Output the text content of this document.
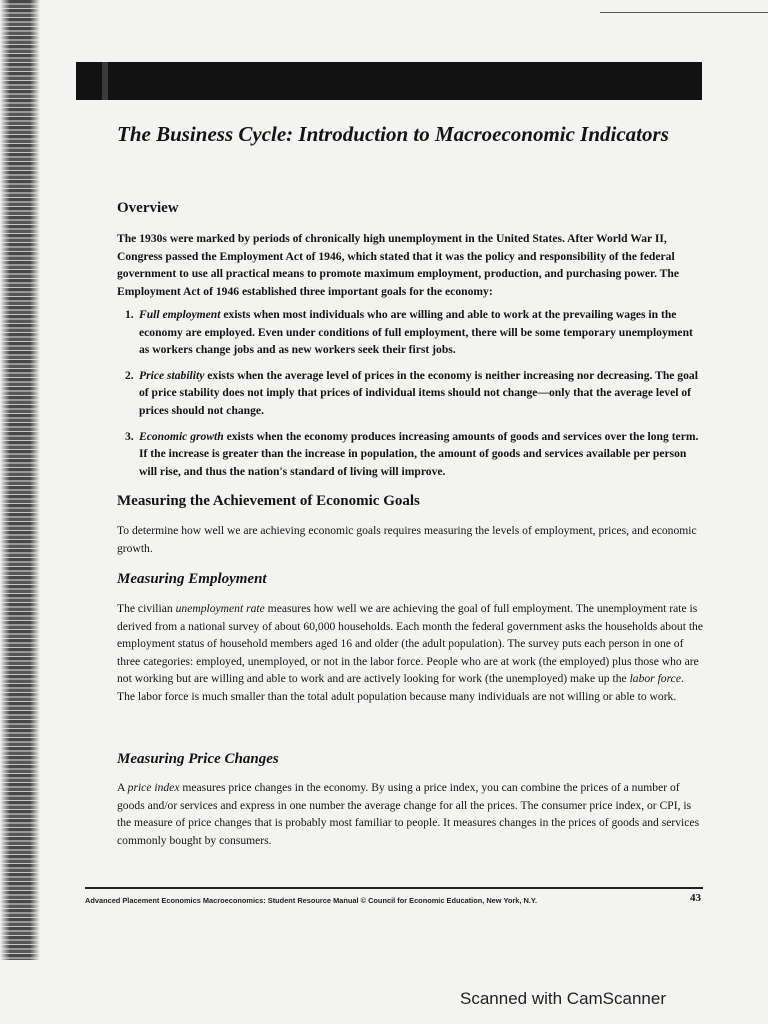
The Business Cycle: Introduction to Macroeconomic Indicators
Overview

The 1930s were marked by periods of chronically high unemployment in the United States. After World War II, Congress passed the Employment Act of 1946, which stated that it was the policy and responsibility of the federal government to use all practical means to promote maximum employment, production, and purchasing power. The Employment Act of 1946 established three important goals for the economy:

1. Full employment exists when most individuals who are willing and able to work at the prevailing wages in the economy are employed. Even under conditions of full employment, there will be some temporary unemployment as workers change jobs and as new workers seek their first jobs.
2. Price stability exists when the average level of prices in the economy is neither increasing nor decreasing. The goal of price stability does not imply that prices of individual items should not change—only that the average level of prices should not change.
3. Economic growth exists when the economy produces increasing amounts of goods and services over the long term. If the increase is greater than the increase in population, the amount of goods and services available per person will rise, and thus the nation's standard of living will improve.
Measuring the Achievement of Economic Goals

To determine how well we are achieving economic goals requires measuring the levels of employment, prices, and economic growth.

Measuring Employment

The civilian unemployment rate measures how well we are achieving the goal of full employment. The unemployment rate is derived from a national survey of about 60,000 households. Each month the federal government asks the households about the employment status of household members aged 16 and older (the adult population). The survey puts each person in one of three categories: employed, unemployed, or not in the labor force. People who are at work (the employed) plus those who are not working but are willing and able to work and are actively looking for work (the unemployed) make up the labor force. The labor force is much smaller than the total adult population because many individuals are not willing or able to work.

Measuring Price Changes

A price index measures price changes in the economy. By using a price index, you can combine the prices of a number of goods and/or services and express in one number the average change for all the prices. The consumer price index, or CPI, is the measure of price changes that is probably most familiar to people. It measures changes in the prices of goods and services commonly bought by consumers.

Advanced Placement Economics Macroeconomics: Student Resource Manual © Council for Economic Education, New York, N.Y.	43
Scanned with CamScanner
